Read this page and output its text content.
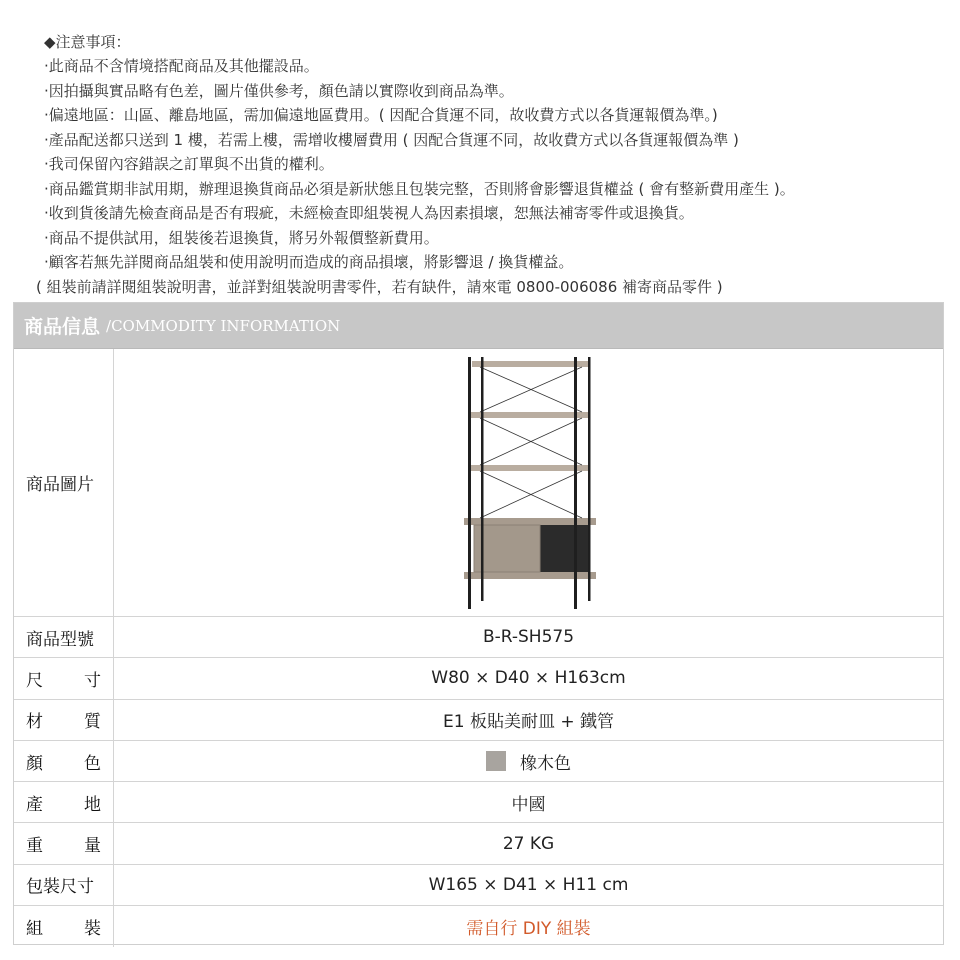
◆注意事項：
‧此商品不含情境搭配商品及其他擺設品。
‧因拍攝與實品略有色差，圖片僅供參考，顏色請以實際收到商品為準。
‧偏遠地區：山區、離島地區，需加偏遠地區費用。( 因配合貨運不同，故收費方式以各貨運報價為準。)
‧產品配送都只送到 1 樓，若需上樓，需增收樓層費用 ( 因配合貨運不同，故收費方式以各貨運報價為準 )
‧我司保留內容錯誤之訂單與不出貨的權利。
‧商品鑑賞期非試用期，辦理退換貨商品必須是新狀態且包裝完整，否則將會影響退貨權益 ( 會有整新費用產生 )。
‧收到貨後請先檢查商品是否有瑕疵，未經檢查即組裝視人為因素損壞，恕無法補寄零件或退換貨。
‧商品不提供試用，組裝後若退換貨，將另外報價整新費用。
‧顧客若無先詳閱商品組裝和使用說明而造成的商品損壞，將影響退 / 換貨權益。
( 組裝前請詳閱組裝說明書，並詳對組裝說明書零件，若有缺件，請來電 0800-006086 補寄商品零件 )
商品信息 /COMMODITY INFORMATION
商品圖片
商品型號	B-R-SH575
尺 寸	W80 × D40 × H163cm
材 質	E1 板貼美耐皿 + 鐵管
顏 色	橡木色
產 地	中國
重 量	27 KG
包裝尺寸	W165 × D41 × H11 cm
組 裝	需自行 DIY 組裝
